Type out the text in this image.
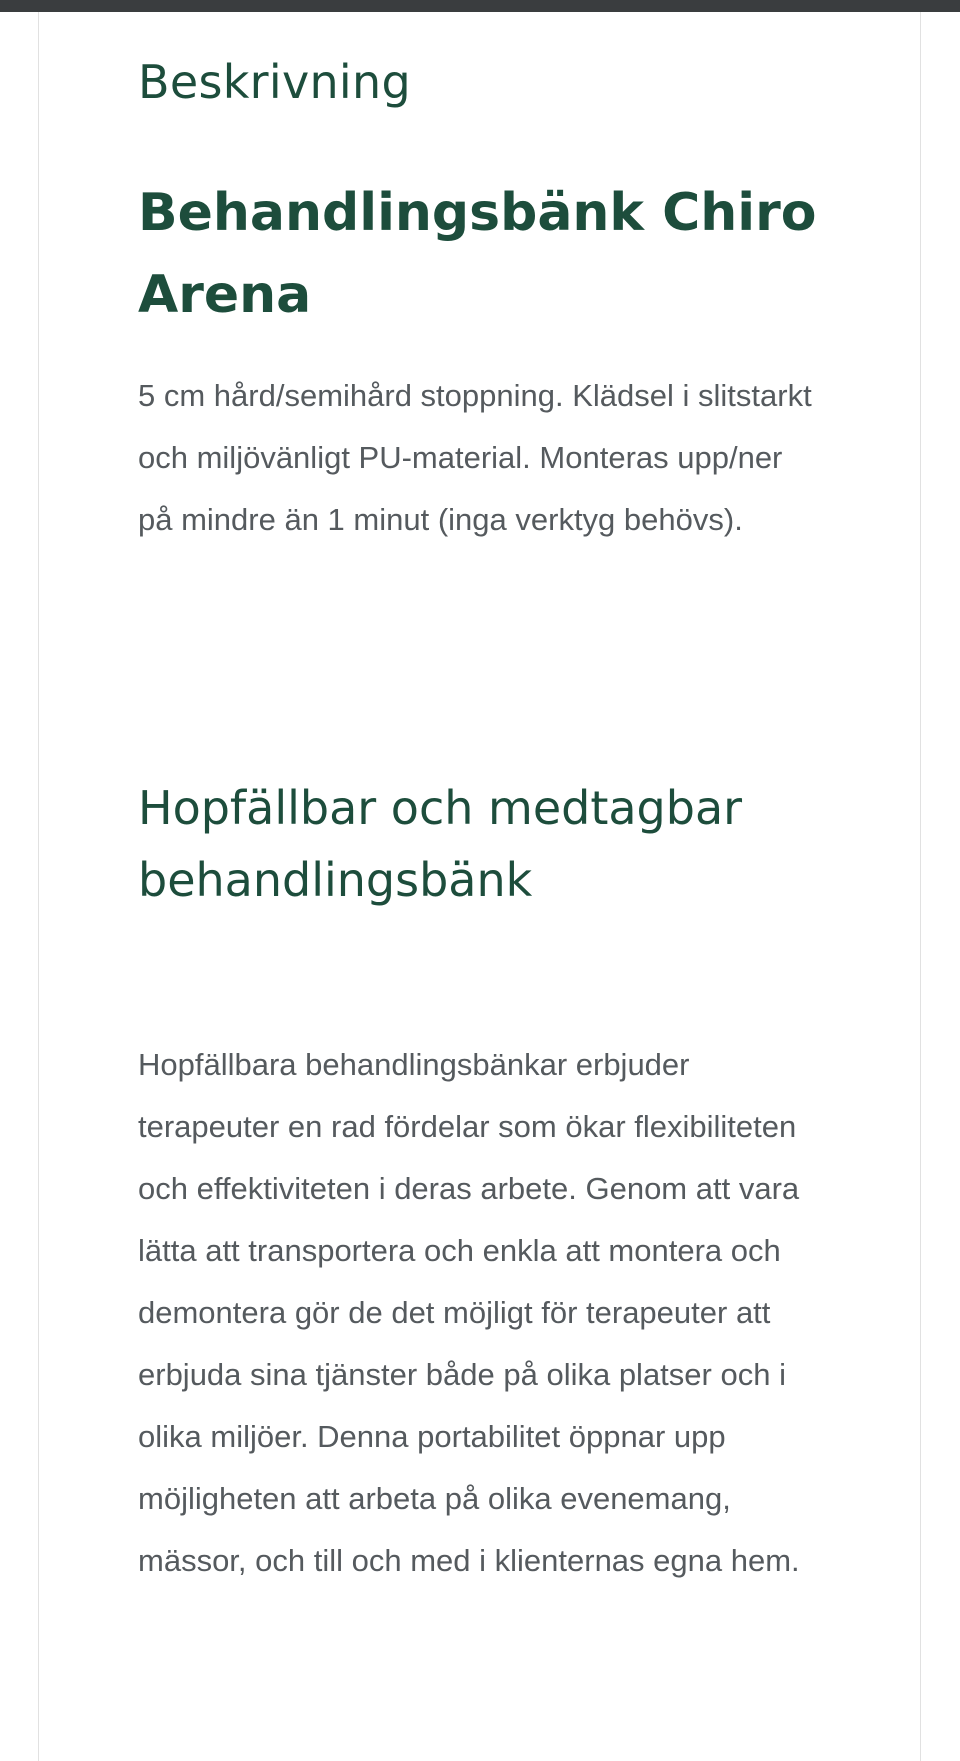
Beskrivning
Behandlingsbänk Chiro Arena

5 cm hård/semihård stoppning. Klädsel i slitstarkt och miljövänligt PU-material. Monteras upp/ner på mindre än 1 minut (inga verktyg behövs).

Hopfällbar och medtagbar behandlingsbänk

Hopfällbara behandlingsbänkar erbjuder terapeuter en rad fördelar som ökar flexibiliteten och effektiviteten i deras arbete. Genom att vara lätta att transportera och enkla att montera och demontera gör de det möjligt för terapeuter att erbjuda sina tjänster både på olika platser och i olika miljöer. Denna portabilitet öppnar upp möjligheten att arbeta på olika evenemang, mässor, och till och med i klienternas egna hem.
